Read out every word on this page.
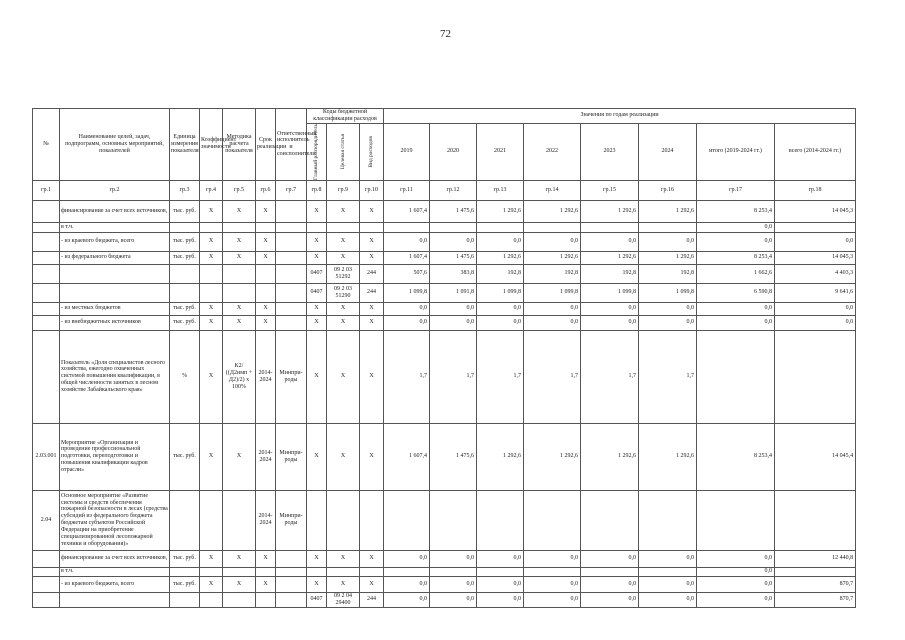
72
№	Наименование целей, задач, подпрограмм, основных мероприятий, показателей	Единица измерения показателя	Коэффициент значимости	Методика расчета показателя	Срок реализации	Ответственный исполнитель и соисполнители	Коды бюджетной классификации расходов			Значения по годам реализации							

							Главный распорядитель	Целевая статья	Вид расходов	2019	2020	2021	2022	2023	2024	итого (2019-2024 гг.)	всего (2014-2024 гг.)
гр.1	гр.2	гр.3	гр.4	гр.5	гр.6	гр.7	гр.8	гр.9	гр.10	гр.11	гр.12	гр.13	гр.14	гр.15	гр.16	гр.17	гр.18
	финансирование за счет всех источников,	тыс. руб.	X	X	X		X	X	X	1 607,4	1 475,6	1 292,6	1 292,6	1 292,6	1 292,6	8 253,4	14 045,3
	в т.ч.															0,0	
	- из краевого бюджета, всего	тыс. руб.	X	X	X		X	X	X	0,0	0,0	0,0	0,0	0,0	0,0	0,0	0,0
	- из федерального бюджета	тыс. руб.	X	X	X		X	X	X	1 607,4	1 475,6	1 292,6	1 292,6	1 292,6	1 292,6	8 253,4	14 045,3
							0407	09 2 03 51292	244	507,6	383,8	192,8	192,8	192,8	192,8	1 662,6	4 403,3
							0407	09 2 03 51290	244	1 099,8	1 091,8	1 099,8	1 099,8	1 099,8	1 099,8	6 590,8	9 641,6
	- из местных бюджетов	тыс. руб.	X	X	X		X	X	X	0,0	0,0	0,0	0,0	0,0	0,0	0,0	0,0
	- из внебюджетных источников	тыс. руб.	X	X	X		X	X	X	0,0	0,0	0,0	0,0	0,0	0,0	0,0	0,0
	Показатель «Доля специалистов лесного хозяйства, ежегодно охваченных системой повышения квалификации, в общей численности занятых в лесном хозяйстве Забайкальского края»	%	X	К2/ ((Д2имп + Д2)/2) х 100%	2014-2024	Минпри-роды	X	X	X	1,7	1,7	1,7	1,7	1,7	1,7		
2.03.001	Мероприятие «Организация и проведение профессиональной подготовки, переподготовки и повышения квалификации кадров отрасли»	тыс. руб.	X	X	2014-2024	Минпри-роды	X	X	X	1 607,4	1 475,6	1 292,6	1 292,6	1 292,6	1 292,6	8 253,4	14 045,4
2.04	Основное мероприятие «Развитие системы и средств обеспечения пожарной безопасности в лесах (средства субсидий из федерального бюджета бюджетам субъектов Российской Федерации на приобретение специализированной лесопожарной техники и оборудования)»				2014-2024	Минпри-роды											
	финансирование за счет всех источников,	тыс. руб.	X	X	X		X	X	X	0,0	0,0	0,0	0,0	0,0	0,0	0,0	12 440,8
	в т.ч.															0,0	
	- из краевого бюджета, всего	тыс. руб.	X	X	X		X	X	X	0,0	0,0	0,0	0,0	0,0	0,0	0,0	870,7
							0407	09 2 04 29400	244	0,0	0,0	0,0	0,0	0,0	0,0	0,0	870,7
